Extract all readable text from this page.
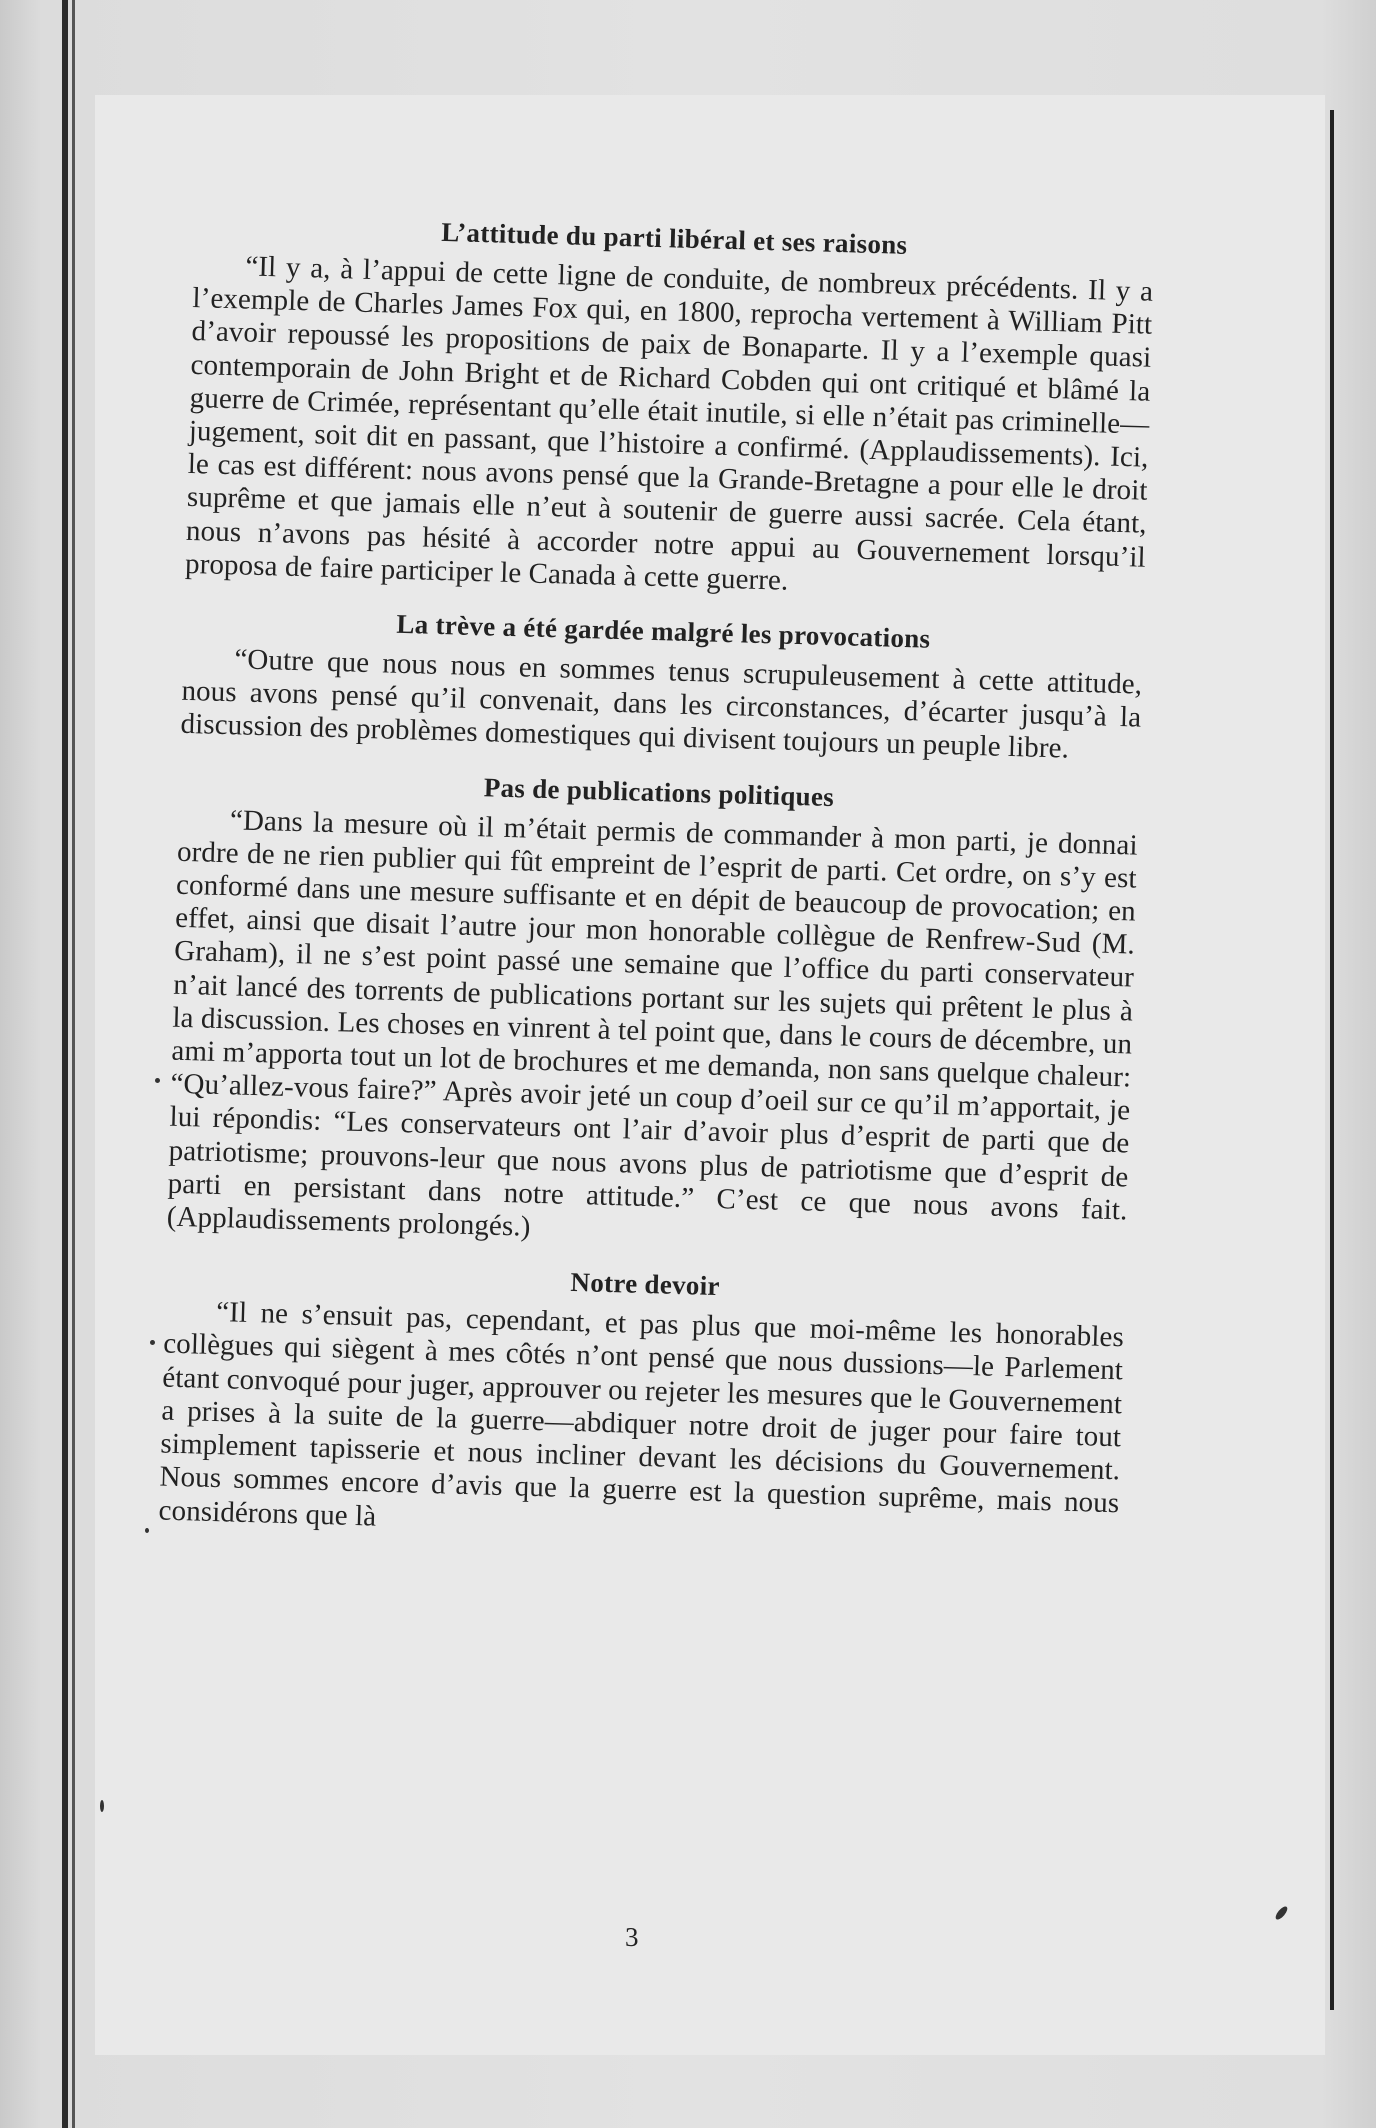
L’attitude du parti libéral et ses raisons

“Il y a, à l’appui de cette ligne de conduite, de nombreux précédents. Il y a l’exemple de Charles James Fox qui, en 1800, reprocha vertement à William Pitt d’avoir repoussé les propositions de paix de Bonaparte. Il y a l’exemple quasi contemporain de John Bright et de Richard Cobden qui ont critiqué et blâmé la guerre de Crimée, représentant qu’elle était inutile, si elle n’était pas criminelle—jugement, soit dit en passant, que l’histoire a confirmé. (Applaudissements). Ici, le cas est différent: nous avons pensé que la Grande-Bretagne a pour elle le droit suprême et que jamais elle n’eut à soutenir de guerre aussi sacrée. Cela étant, nous n’avons pas hésité à accorder notre appui au Gouvernement lorsqu’il proposa de faire participer le Canada à cette guerre.

La trève a été gardée malgré les provocations

“Outre que nous nous en sommes tenus scrupuleusement à cette attitude, nous avons pensé qu’il convenait, dans les circonstances, d’écarter jusqu’à la discussion des problèmes domestiques qui divisent toujours un peuple libre.

Pas de publications politiques

“Dans la mesure où il m’était permis de commander à mon parti, je donnai ordre de ne rien publier qui fût empreint de l’esprit de parti. Cet ordre, on s’y est conformé dans une mesure suffisante et en dépit de beaucoup de provocation; en effet, ainsi que disait l’autre jour mon honorable collègue de Renfrew-Sud (M. Graham), il ne s’est point passé une semaine que l’office du parti conservateur n’ait lancé des torrents de publications portant sur les sujets qui prêtent le plus à la discussion. Les choses en vinrent à tel point que, dans le cours de décembre, un ami m’apporta tout un lot de brochures et me demanda, non sans quelque chaleur: “Qu’allez-vous faire?” Après avoir jeté un coup d’oeil sur ce qu’il m’apportait, je lui répondis: “Les conservateurs ont l’air d’avoir plus d’esprit de parti que de patriotisme; prouvons-leur que nous avons plus de patriotisme que d’esprit de parti en persistant dans notre attitude.” C’est ce que nous avons fait. (Applaudissements prolongés.)

Notre devoir

“Il ne s’ensuit pas, cependant, et pas plus que moi-même les honorables collègues qui siègent à mes côtés n’ont pensé que nous dussions—le Parlement étant convoqué pour juger, approuver ou rejeter les mesures que le Gouvernement a prises à la suite de la guerre—abdiquer notre droit de juger pour faire tout simplement tapisserie et nous incliner devant les décisions du Gouvernement. Nous sommes encore d’avis que la guerre est la question suprême, mais nous considérons que là

3
